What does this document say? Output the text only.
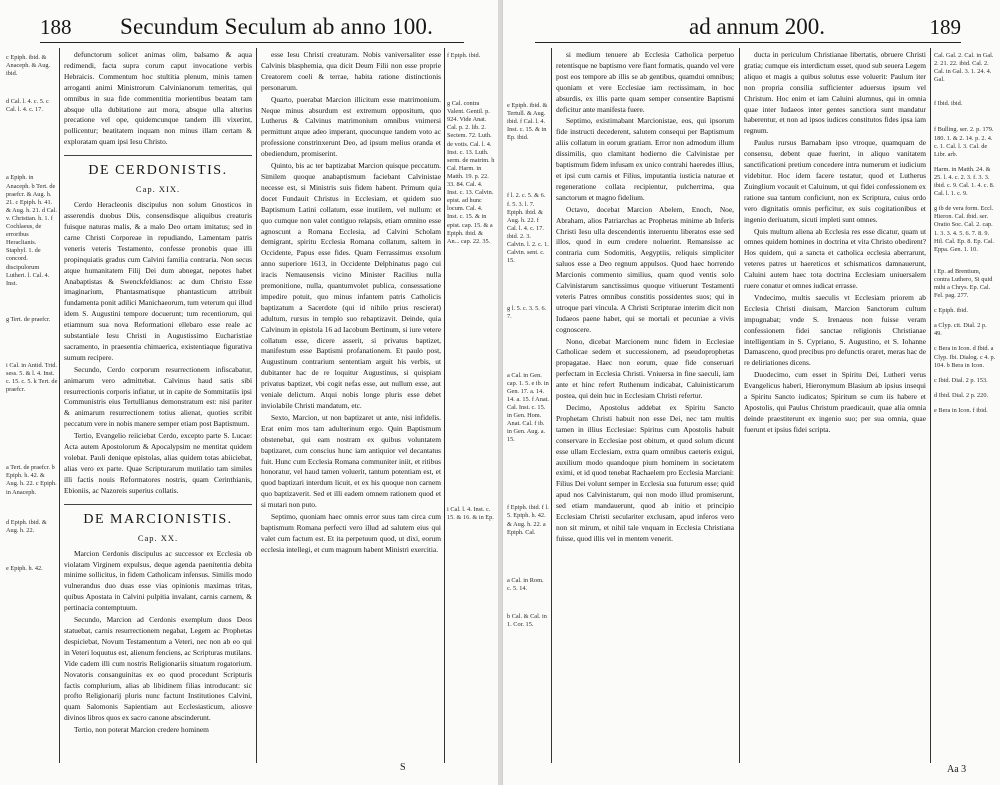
188 Secundum Seculum ab anno 100.
c Epiph. ibid. & Anaceph. & Aug. ibid.
d Cal. l. 4. c. 5. c Cal. l. 4. c. 17.
a Epiph. in Anaceph. b Tert. de praefcr. & Aug. h. 21. c Epiph. h. 41. & Aug. h. 21. d Cal. v. Christian. h. 1. f Cochlaeus, de erroribus Heraclianis. Staphyl. 1. de concord. discipulorum Lutheri. l. Cal. 4. Inst.
g Tert. de praefcr.
i Cal. in Antid. Trid. sess. 5. & l. 4. Inst. c. 15. c. 5. k Tert. de praefcr.
a Tert. de praefcr. b Epiph. h. 42. & Aug. h. 22. c Epiph. in Anaceph.
d Epiph. ibid. & Aug. h. 22.
e Epiph. h. 42.

defunctorum solicet animas olim, balsamo & aqua redimendi, facta supra corum caput invocatione verbis Hebraicis. Commentum hoc stultitia plenum, minis tamen arroganti animi Ministrorum Calvinianorum temeritas, qui omnibus in sua fide commentitia morientibus beatam tam absque ulla dubitatione aut mora, absque ulla alterius precatione vel ope, quidemcunque tandem illi vixerint, pollicentur; beatitatem inquam non minus illam certam & exploratam quam ipsi Iesu Christo.

DE CERDONISTIS.
Cap. XIX.

Cerdo Heracleonis discipulus non solum Gnosticos in asserendis duobus Diis, consensdisque aliquibus creaturis fuisque naturas malis, & a malo Deo ortam imitatus; sed in carne Christi Corporeae in repudiando, Lamentam patris veneris veteris Testamento, confesse pronobis quae illi propinquiatis gradus cum Calvini familia contraria. Non secus atque humanitatem Filij Dei dum abnegat, nepotes habet Anabaptistas & Swenckfeldianos: ac dum Christo Esse imaginarium, Phantasmatisque phantasticum attribuit fundamenta ponit adilici Manichaeorum, tum veterum qui illud idem S. Augustini tempore docuerunt; tum recentiorum, qui etiamnum sua nova Reformationi ellebaro esse reale ac substantiale Iesu Christi in Augustissimo Eucharistiae sacramento, in praesentia chimaerica, existentiaque figurativa sumum recipere.

Secundo, Cerdo corporum resurrectionem infiscabatur, animarum vero admittebat. Calvinus haud satis sibi resurrectionis corporis infiatur, ut in capite de Sommitatiis ipsi Communistris eius Tertullianus demonstratum est: nisi pariter & animarum resurrectionem totius alienat, quoties scribit peccatum vere in nobis manere semper etiam post Baptismum.

Tertio, Evangelio reiiciebat Cerdo, excepto parte S. Lucae: Acta autem Apostolorum & Apocalypsim ne mentitat quidem volebat. Pauli denique epistolas, alias quidem totas abiiciebat, alias vero ex parte. Quae Scripturarum mutilatio tam similes illi factis nouis Reformatores nostris, quam Cerinthianis, Ebioniis, ac Nazoreis superius collatis.

DE MARCIONISTIS.
Cap. XX.

Marcion Cerdonis discipulus ac successor ex Ecclesia ob violatam Virginem expulsus, deque agenda paenitentia debita minime sollicitus, in fidem Catholicam infensus. Similis modo vulnerandus duo duas esse vias opinionis maximas tritas, quibus Apostata in Calvini pulpitia invalant, carnis carnem, & pertinacia contemptuum.

Secundo, Marcion ad Cerdonis exemplum duos Deos statuebat, carnis resurrectionem negabat, Legem ac Prophetas despiciebat, Novum Testamentum a Veteri, nec non ab eo qui in Veteri loquutus est, alienum fenciens, ac Scripturas mutilans. Vide cadem illi cum nostris Religionariis situatum rogatorium. Novatoris consanguinitas ex eo quod procedunt Scripturis factis complurium, alias ab libidinem filias introducant: sic profto Religionarij pluris nunc factunt Institutiones Calvini, quam Salomonis Sapientiam aut Ecclesiasticum, aliosve divinos libros quos ex sacro canone abscinderunt.

Tertio, non poterat Marcion credere hominem

esse Iesu Christi creaturam. Nobis vaniversaliter esse Calvinis blasphemia, qua dicit Deum Filii non esse proprie Creatorem coeli & terrae, habita ratione distinctionis personarum.

Quarto, puerabat Marcion illicitum esse matrimonium. Neque minus absurdum est extremum oppositum, quo Lutherus & Calvinus matrimonium omnibus vnimersi permittunt atque adeo imperant, quocunque tandem voto ac professione constrinxerunt Deo, ad ipsum melius oranda et obediendum, promiserint.

Quinto, bis ac ter baptizabat Marcion quisque peccatum. Similem quoque anabaptismum faciebant Calvinistae necesse est, si Ministris suis fidem habent. Primum quia docet Fundauit Christus in Ecclesiam, et quidem suo Baptismum Latini collatum, esse inutilem, vel nullum: et quo cumque non valet contiguo relapsis, etiam omnino esse agnoscunt a Romana Ecclesia, ad Calvini Scholam demigrant, spiritu Ecclesia Romana collatum, saltem in Occidente, Papus esse fides. Quam Ferrassimus exsolum anno superiore 1613, in Occidente Delphinatus pago cui iracis Nemausensis vicino Minister Racilius nulla premonitione, nulla, quantumvolet publica, consessatione impedire potuit, quo minus infantem patris Catholicis baptizatum a Sacerdote (qui id nihilo prius rescierat) adultum, rursus in templo suo rebaptizavit. Deinde, quia Calvinum in epistola 16 ad Iacobum Bertinum, si iure vetere collatum esse, dicere asserit, si privatus baptizet, manifestum esse Baptismi profanationem. Et paulo post, Augustinum contrarium sententiam arguit his verbis, ut dubitanter hac de re loquitur Augustinus, si quispiam privatus baptizet, vbi cogit nefas esse, aut nullum esse, aut veniale delictum. Atqui nobis longe pluris esse debet inviolabile Christi mandatum, etc.

Sexto, Marcion, ut non baptizaret ut ante, nisi infidelis. Erat enim mos tam adulterinum ergo. Quin Baptismum obstenebat, qui eam nostram ex quibus voluntatem baptizaret, cum conscius hunc iam antiquior vel decantatus fuit. Hunc cum Ecclesia Romana communiter iniit, et ritibus honoratur, vel haud tamen voluerit, tantum potentiam est, et quod baptizari interdum licuit, et ex his quoque non carnem quo baptizaverit. Sed et illi eadem omnem rationem quod et si mutari non puto.

Septimo, quoniam haec omnis error suus tam circa cum baptismum Romana perfecti vero illud ad salutem eius qui valet cum factum est. Et ita perpetuum quod, ut dixi, eorum ecclesia intellegi, et cum magnum habent Ministri exercitia.

f Epiph. ibid.
g Cal. contra Valent. Gentil. p. 924. Vide Anat. Cal. p. 2. lib. 2. Sectem. 72. Luth. de votis. Cal. l. 4. Inst. c. 13. Luth. serm. de matrim. h Cal. Harm. in Matth. 19. p. 22. 33. 84. Cal. 4. Inst. c. 13. Calvin. epist. ad hunc locum. Cal. 4. Inst. c. 15. & in epist. cap. 15. & a Epiph. ibid. & An... cap. 22. 35.
i Cal. l. 4. Inst. c. 15. & 16. & in Ep.
S
ad annum 200.	189
e Epiph. ibid. & Tertull. & Aug. ibid. f Cal. l. 4. Inst. c. 15. & in Ep. ibid.
f l. 2. c. 5. & 6. f. 5. 3. l. 7. Epiph. ibid. & Aug. h. 22. f Cal. l. 4. c. 17. ibid. 2. 3. Calvin. l. 2. c. 1. Calvin. sent. c. 15.
g l. 5. c. 3. 5. 6. 7.
a Cal. in Gen. cap. 1. 5. e ib. in Gen. 17. a. 14. 14. a. 15. f Anat. Cal. Inst. c. 15. in Gen. Hom. Anat. Cal. f ib. in Gen. Aug. a. 15.
f Epiph. ibid. f l. 5. Epiph. h. 42. & Aug. h. 22. a Epiph. Cal.
a Cal. in Rom. c. 5. 14.
b Cal. & Cal. in 1. Cor. 15.

si medium tenuere ab Ecclesia Catholica perpetuo retentisque ne baptismo vere fiant formatis, quando vel vere post eos tempore ab illis se ab gentibus, quamdui omnibus; quoniam et vere Ecclesiae iam rectissimam, in hoc absurdis, ex illis parte quam semper consentire Baptismi deficitur ante manifesta fuere.

Septimo, existimabant Marcionistae, eos, qui ipsorum fide instructi decederent, salutem consequi per Baptismum aliis collatum in eorum gratiam. Error non admodum illum dissimilis, quo clamitant hodierno die Calvinistae per baptismum fidem infusam ex unico contrahi haeredes illius, et ipsi cum carnis et Filius, imputantia iusticia naturae et regeneratione collata recipientur, pulcherrima, qua sanctorum et magno fidelium.

Octavo, docebat Marcion Abelem, Enoch, Noe, Abraham, alios Patriarchas ac Prophetas minime ab Inferis Christi Iesu ulla descendentis interuentu liberatos esse sed illos, quod in eum credere noluerint. Remansisse ac contraria cum Sodomitis, Aegyptiis, reliquis simpliciter saluos esse a Deo regnum appulsos. Quod haec horrendo Marcionis commento similius, quam quod ventis solo Calvinistarum sanctissimus quoque vitiuerunt Testamenti veteris Patres omnibus constitis possidentes suos; qui in utroque pari vincula. A Christi Scripturae interim dicit non Iudaeos paene habet, qui se mortali et pecuniae a vivis cognoscere.

Nono, dicebat Marcionem nunc fidem in Ecclesiae Catholicae sedem et successionem, ad pseudoprophetas propagatae. Haec non eorum, quae fide conseruari perfectam in Ecclesia Christi. Vniuersa in fine saeculi, iam ante et hinc refert Ruthenum indicabat, Caluinisticarum postea, qui dein huc in Ecclesiam Christi refertur.

Decimo, Apostolus addebat ex Spiritu Sancto Prophetam Christi habuit non esse Dei, nec tam multis tamen in illius Ecclesiae: Spiritus cum Apostolis habuit conservare in Ecclesiae post obitum, et quod solum dicunt esse ullam Ecclesiam, extra quam omnibus caeteris exigui, auxilium modo quandoque pium hominem in societatem eximi, et id quod tenebat Rachaelem pro Ecclesia Marciani: Filius Dei volunt semper in Ecclesia sua futurum esse; quid apud nos Calvinistarum, qui non modo illud promiserunt, sed etiam mandauerunt, quod ab initio et principio Ecclesiam Christi seculariter exclusam, apud inferos vero non sit mirum, et nihil tale vnquam in Ecclesia Christiana fuisse, quod illis vel in mentem venerit.

ducta in periculum Christianae libertatis, obruere Christi gratia; cumque eis interdictum esset, quod sub seuera Legem aliquo et magis a quibus solutus esse voluerit: Paulum iter non propria consilia sufficienter aduersus ipsum vel Christum. Hoc enim et iam Caluini alumnus, qui in omnia quae inter Iudaeos inter gentes sanctiora sunt mandatur haberentur, et non ad ipsos iudices constitutos fides ipsa iam regnum.

Paulus rursus Barnabam ipso vtroque, quamquam de consensu, debent quae fuerint, in aliquo vanitatem sanctificationi pretium concedere intra numerum et iudicium videbitur. Hoc idem facere testatur, quod et Lutherus Zuinglium vocauit et Caluinum, ut qui fidei confessionem ex ratione sua tantum conficiunt, non ex Scriptura, cuius ordo vero dignitatis omnis perficitur, ex suis cogitationibus et ingenio deriuatum, sicuti impleti sunt omnes.

Quis multum aliena ab Ecclesia res esse dicatur, quam ut omnes quidem homines in doctrina et vita Christo obedirent? Hos quidem, qui a sancta et catholica ecclesia aberrarunt, veteres patres ut haereticos et schismaticos damnauerunt, Caluini autem haec tota doctrina Ecclesiam uniuersalem ruere conatur et omnes iudicat errasse.

Vndecimo, multis saeculis vt Ecclesiam priorem ab Ecclesia Christi diuisam, Marcion Sanctorum cultum impugnabat; vnde S. Irenaeus non fuisse veram confessionem fidei sanctae religionis Christianae intelligentiam in S. Cypriano, S. Augustino, et S. Iohanne Damasceno, quod precibus pro defunctis oraret, meras hac de re deliriationes dicens.

Duodecimo, cum esset in Spiritu Dei, Lutheri verus Evangelicus haberi, Hieronymum Blasium ab ipsius insequi a Spiritu Sancto iudicatos; Spiritum se cum iis habere et Apostolis, qui Paulus Christum praedicauit, quae alia omnia deinde praestiterunt ex ingenio suo; per sua omnia, quae fuerunt et ipsius fidei scripta.

Cal. Gal. 2. Cal. in Gal. 2. 21. 22. ibid. Cal. 2. Cal. in Gal. 3. 1. 24. 4. Gal.
f Ibid. ibid.
f Bulling. ser. 2. p. 179. 180. 1. & 2. 14. p. 2. 4. c. 1. Cal. l. 3. Cal. de Libr. arb.
Harm. in Matth. 24. & 25. l. 4. c. 2. 3. f. 3. 3. ibid. c. 9. Cal. 1. 4. c. 8. Cal. l. 1. c. 9.
g ib de vera form. Eccl. Hieron. Cal. ibid. ser. Oratio Soc. Cal. 2. cap. 1. 3. 3. 4. 5. 6. 7. 8. 9. Hil. Cal. Ep. 8. Ep. Cal. Eppa. Gen. 1. 10.
i Ep. ad Brentium, contra Luthero, Si quid mihi a Chrys. Ep. Cal. Fel. pag. 277.
c Epiph. ibid.
a Clyp. cit. Dial. 2 p. 49.
c Bera in Icon. d Ibid. a Clyp. Ibi. Dialog. c 4. p. 104. b Bera in Icon.
c Ibid. Dial. 2 p. 153.
d Ibid. Dial. 2 p. 220.
e Bera in Icon. f ibid.
Aa 3
